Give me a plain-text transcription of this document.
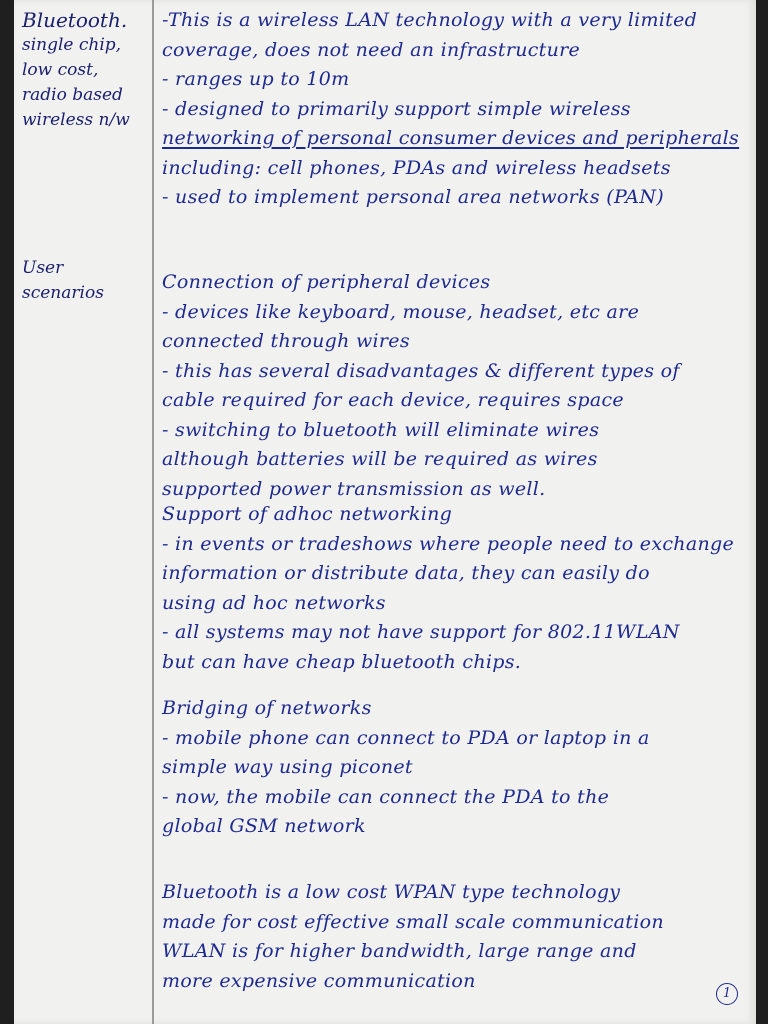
Bluetooth.
single chip,
low cost,
radio based
wireless n/w
User
scenarios
-This is a wireless LAN technology with a very limited
coverage, does not need an infrastructure
- ranges up to 10m
- designed to primarily support simple wireless
networking of personal consumer devices and peripherals
including: cell phones, PDAs and wireless headsets
- used to implement personal area networks (PAN)
Connection of peripheral devices
- devices like keyboard, mouse, headset, etc are
connected through wires
- this has several disadvantages & different types of
cable required for each device, requires space
- switching to bluetooth will eliminate wires
although batteries will be required as wires
supported power transmission as well.
Support of adhoc networking
- in events or tradeshows where people need to exchange
information or distribute data, they can easily do
using ad hoc networks
- all systems may not have support for 802.11WLAN
but can have cheap bluetooth chips.
Bridging of networks
- mobile phone can connect to PDA or laptop in a
simple way using piconet
- now, the mobile can connect the PDA to the
global GSM network
Bluetooth is a low cost WPAN type technology
made for cost effective small scale communication
WLAN is for higher bandwidth, large range and
more expensive communication
1
